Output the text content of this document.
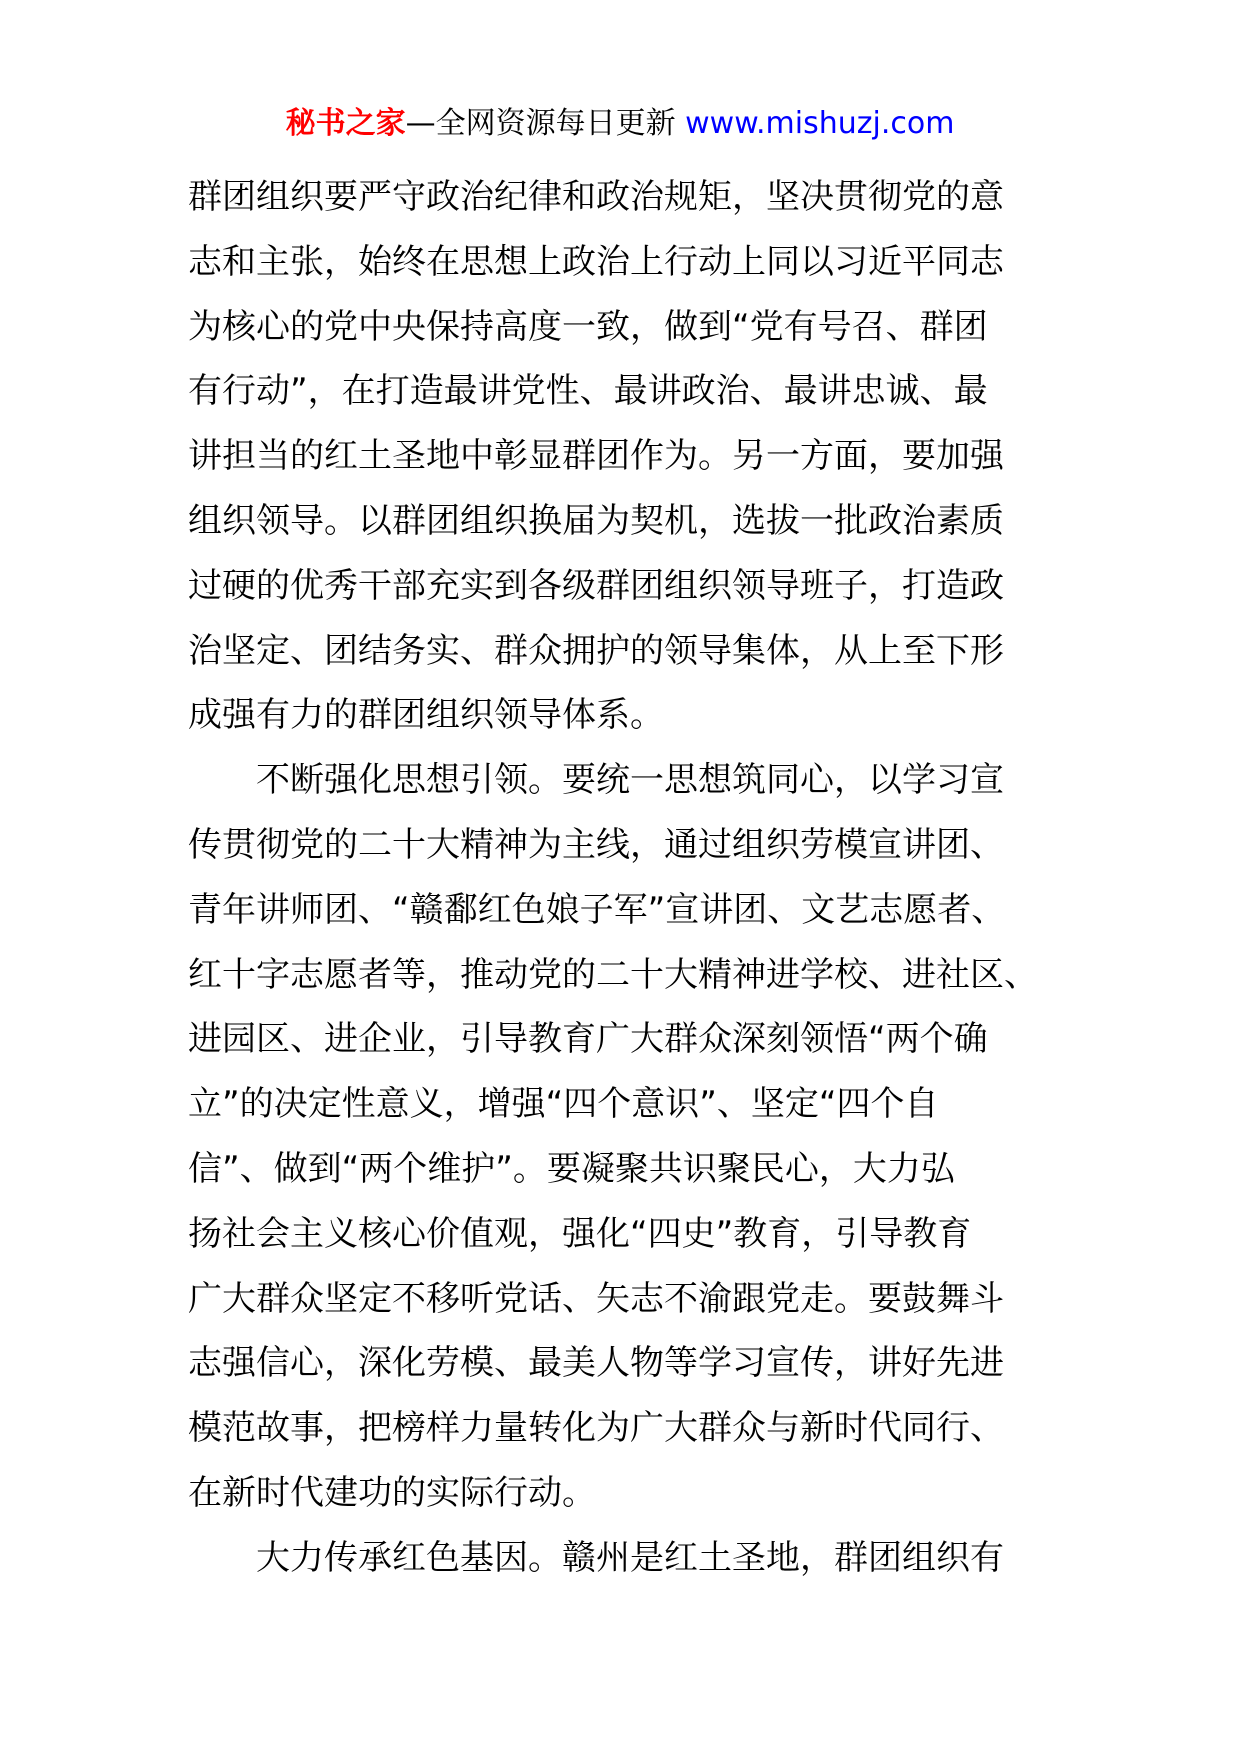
秘书之家—全网资源每日更新 www.mishuzj.com
群团组织要严守政治纪律和政治规矩，坚决贯彻党的意
志和主张，始终在思想上政治上行动上同以习近平同志
为核心的党中央保持高度一致，做到“党有号召、群团
有行动”，在打造最讲党性、最讲政治、最讲忠诚、最
讲担当的红土圣地中彰显群团作为。另一方面，要加强
组织领导。以群团组织换届为契机，选拔一批政治素质
过硬的优秀干部充实到各级群团组织领导班子，打造政
治坚定、团结务实、群众拥护的领导集体，从上至下形
成强有力的群团组织领导体系。
不断强化思想引领。要统一思想筑同心，以学习宣
传贯彻党的二十大精神为主线，通过组织劳模宣讲团、
青年讲师团、“赣鄱红色娘子军”宣讲团、文艺志愿者、
红十字志愿者等，推动党的二十大精神进学校、进社区、
进园区、进企业，引导教育广大群众深刻领悟“两个确
立”的决定性意义，增强“四个意识”、坚定“四个自
信”、做到“两个维护”。要凝聚共识聚民心，大力弘
扬社会主义核心价值观，强化“四史”教育，引导教育
广大群众坚定不移听党话、矢志不渝跟党走。要鼓舞斗
志强信心，深化劳模、最美人物等学习宣传，讲好先进
模范故事，把榜样力量转化为广大群众与新时代同行、
在新时代建功的实际行动。
大力传承红色基因。赣州是红土圣地，群团组织有
